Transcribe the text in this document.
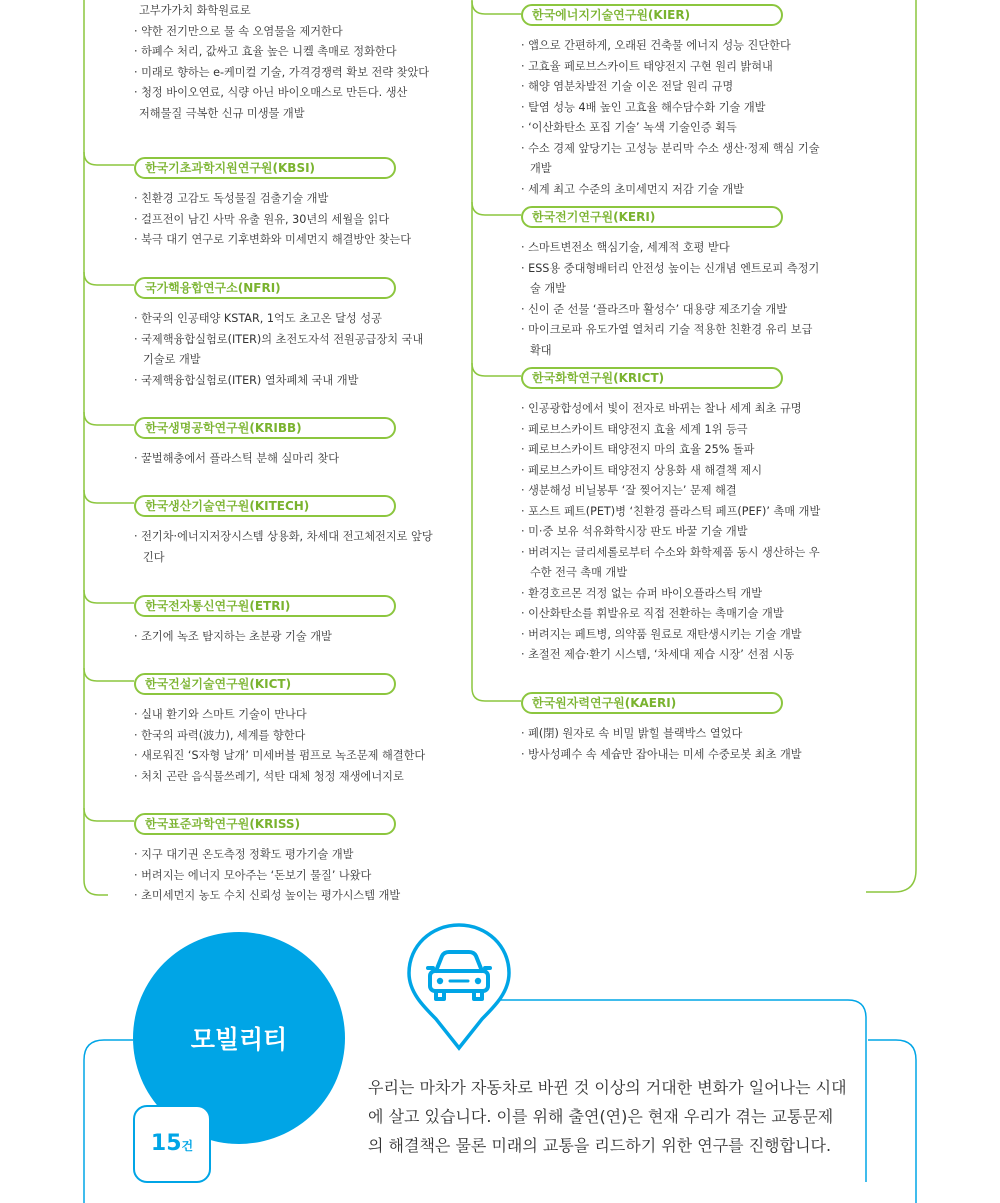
고부가가치 화학원료로
· 약한 전기만으로 물 속 오염물을 제거한다
· 하폐수 처리, 값싸고 효율 높은 니켈 촉매로 정화한다
· 미래로 향하는 e-케미컬 기술, 가격경쟁력 확보 전략 찾았다
· 청정 바이오연료, 식량 아닌 바이오매스로 만든다. 생산
저해물질 극복한 신규 미생물 개발
한국기초과학지원연구원(KBSI)
· 친환경 고감도 독성물질 검출기술 개발
· 걸프전이 남긴 사막 유출 원유, 30년의 세월을 읽다
· 북극 대기 연구로 기후변화와 미세먼지 해결방안 찾는다
국가핵융합연구소(NFRI)
· 한국의 인공태양 KSTAR, 1억도 초고온 달성 성공
· 국제핵융합실험로(ITER)의 초전도자석 전원공급장치 국내 기술로 개발
· 국제핵융합실험로(ITER) 열차폐체 국내 개발
한국생명공학연구원(KRIBB)
· 꿀벌해충에서 플라스틱 분해 실마리 찾다
한국생산기술연구원(KITECH)
· 전기차·에너지저장시스템 상용화, 차세대 전고체전지로 앞당긴다
한국전자통신연구원(ETRI)
· 조기에 녹조 탐지하는 초분광 기술 개발
한국건설기술연구원(KICT)
· 실내 환기와 스마트 기술이 만나다
· 한국의 파력(波力), 세계를 향한다
· 새로워진 ‘S자형 날개’ 미세버블 펌프로 녹조문제 해결한다
· 처치 곤란 음식물쓰레기, 석탄 대체 청정 재생에너지로
한국표준과학연구원(KRISS)
· 지구 대기권 온도측정 정확도 평가기술 개발
· 버려지는 에너지 모아주는 ‘돈보기 물질’ 나왔다
· 초미세먼지 농도 수치 신뢰성 높이는 평가시스템 개발
한국에너지기술연구원(KIER)
· 앱으로 간편하게, 오래된 건축물 에너지 성능 진단한다
· 고효율 페로브스카이트 태양전지 구현 원리 밝혀내
· 해양 염분차발전 기술 이온 전달 원리 규명
· 탈염 성능 4배 높인 고효율 해수담수화 기술 개발
· ‘이산화탄소 포집 기술’ 녹색 기술인증 획득
· 수소 경제 앞당기는 고성능 분리막 수소 생산·정제 핵심 기술 개발
· 세계 최고 수준의 초미세먼지 저감 기술 개발
한국전기연구원(KERI)
· 스마트변전소 핵심기술, 세계적 호평 받다
· ESS용 중대형배터리 안전성 높이는 신개념 엔트로피 측정기술 개발
· 신이 준 선물 ‘플라즈마 활성수’ 대용량 제조기술 개발
· 마이크로파 유도가열 열처리 기술 적용한 친환경 유리 보급 확대
한국화학연구원(KRICT)
· 인공광합성에서 빛이 전자로 바뀌는 찰나 세계 최초 규명
· 페로브스카이트 태양전지 효율 세계 1위 등극
· 페로브스카이트 태양전지 마의 효율 25% 돌파
· 페로브스카이트 태양전지 상용화 새 해결책 제시
· 생분해성 비닐봉투 ‘잘 찢어지는’ 문제 해결
· 포스트 페트(PET)병 ‘친환경 플라스틱 페프(PEF)’ 촉매 개발
· 미·중 보유 석유화학시장 판도 바꿀 기술 개발
· 버려지는 글리세롤로부터 수소와 화학제품 동시 생산하는 우수한 전극 촉매 개발
· 환경호르몬 걱정 없는 슈퍼 바이오플라스틱 개발
· 이산화탄소를 휘발유로 직접 전환하는 촉매기술 개발
· 버려지는 페트병, 의약품 원료로 재탄생시키는 기술 개발
· 초절전 제습·환기 시스템, ‘차세대 제습 시장’ 선점 시동
한국원자력연구원(KAERI)
· 폐(閉) 원자로 속 비밀 밝힐 블랙박스 열었다
· 방사성폐수 속 세슘만 잡아내는 미세 수중로봇 최초 개발
모빌리티
15건
우리는 마차가 자동차로 바뀐 것 이상의 거대한 변화가 일어나는 시대에 살고 있습니다. 이를 위해 출연(연)은 현재 우리가 겪는 교통문제의 해결책은 물론 미래의 교통을 리드하기 위한 연구를 진행합니다.
